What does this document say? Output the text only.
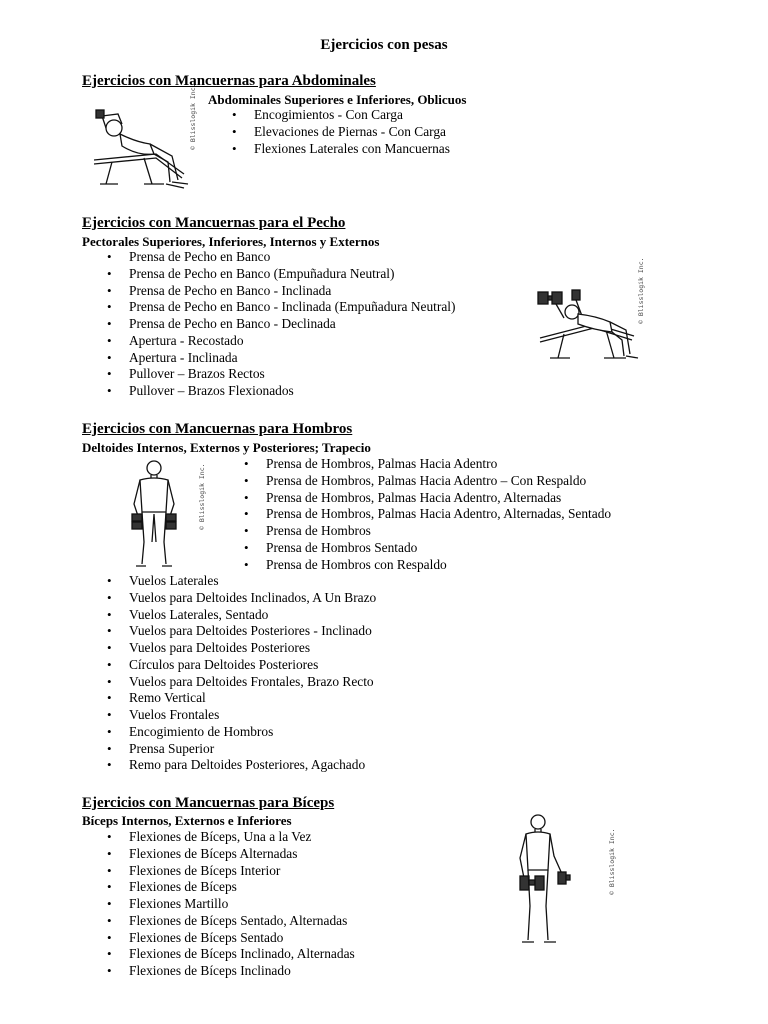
Ejercicios con pesas
Ejercicios con Mancuernas para Abdominales
Abdominales Superiores e Inferiores, Oblicuos
• Encogimientos - Con Carga
• Elevaciones de Piernas - Con Carga
• Flexiones Laterales con Mancuernas
© Blisslogik Inc.
Ejercicios con Mancuernas para el Pecho
Pectorales Superiores, Inferiores, Internos y Externos
• Prensa de Pecho en Banco
• Prensa de Pecho en Banco (Empuñadura Neutral)
• Prensa de Pecho en Banco - Inclinada
• Prensa de Pecho en Banco - Inclinada (Empuñadura Neutral)
• Prensa de Pecho en Banco - Declinada
• Apertura - Recostado
• Apertura - Inclinada
• Pullover – Brazos Rectos
• Pullover – Brazos Flexionados
© Blisslogik Inc.
Ejercicios con Mancuernas para Hombros
Deltoides Internos, Externos y Posteriores; Trapecio
• Prensa de Hombros, Palmas Hacia Adentro
• Prensa de Hombros, Palmas Hacia Adentro – Con Respaldo
• Prensa de Hombros, Palmas Hacia Adentro, Alternadas
• Prensa de Hombros, Palmas Hacia Adentro, Alternadas, Sentado
• Prensa de Hombros
• Prensa de Hombros Sentado
• Prensa de Hombros con Respaldo
© Blisslogik Inc.
• Vuelos Laterales
• Vuelos para Deltoides Inclinados, A Un Brazo
• Vuelos Laterales, Sentado
• Vuelos para Deltoides Posteriores - Inclinado
• Vuelos para Deltoides Posteriores
• Círculos para Deltoides Posteriores
• Vuelos para Deltoides Frontales, Brazo Recto
• Remo Vertical
• Vuelos Frontales
• Encogimiento de Hombros
• Prensa Superior
• Remo para Deltoides Posteriores, Agachado
Ejercicios con Mancuernas para Bíceps
Bíceps Internos, Externos e Inferiores
• Flexiones de Bíceps, Una a la Vez
• Flexiones de Bíceps Alternadas
• Flexiones de Bíceps Interior
• Flexiones de Bíceps
• Flexiones Martillo
• Flexiones de Bíceps Sentado, Alternadas
• Flexiones de Bíceps Sentado
• Flexiones de Bíceps Inclinado, Alternadas
• Flexiones de Bíceps Inclinado
© Blisslogik Inc.
